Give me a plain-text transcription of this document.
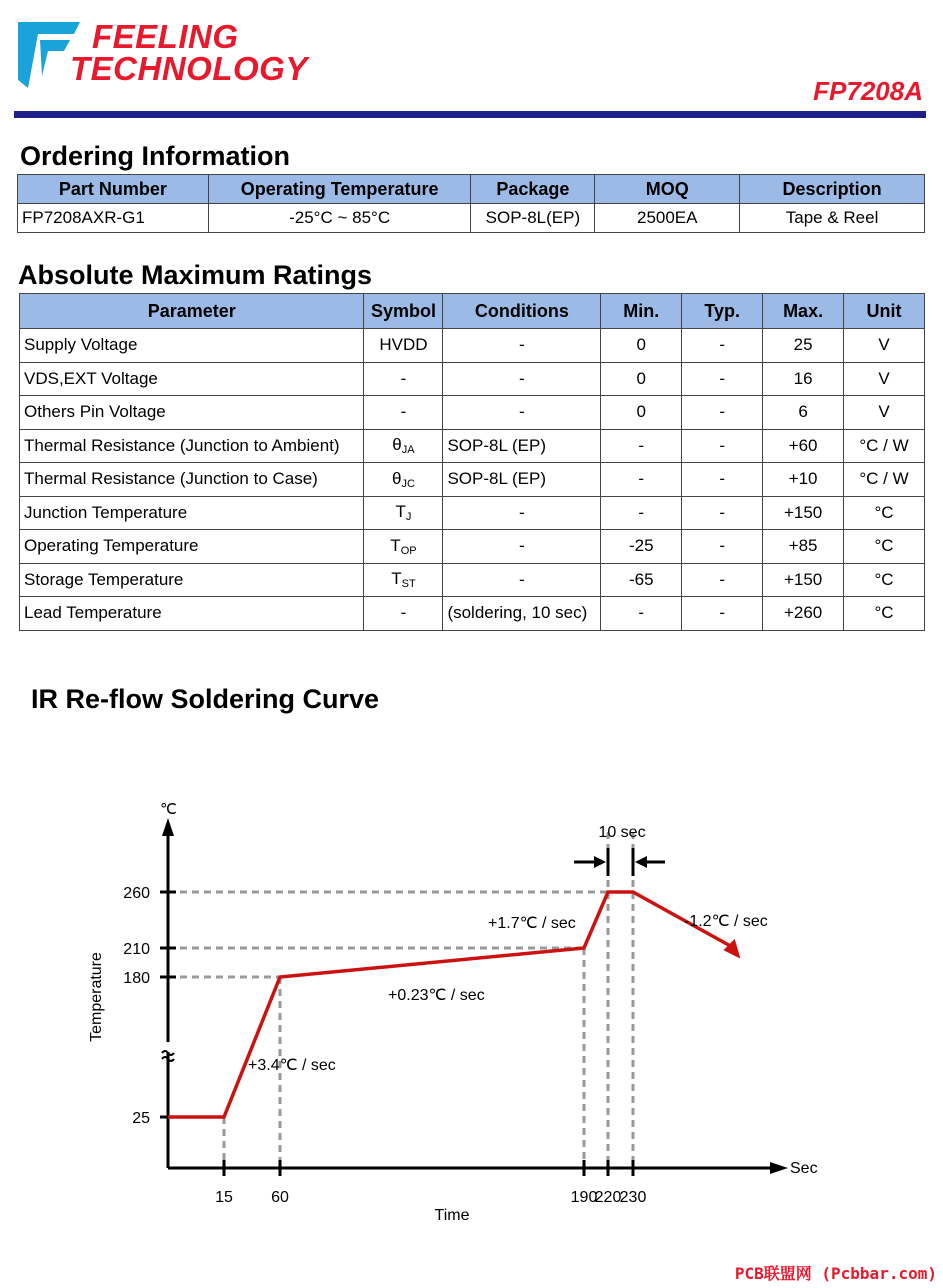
FEELING
TECHNOLOGY
FP7208A
Ordering Information
Part Number	Operating Temperature	Package	MOQ	Description
FP7208AXR-G1	-25°C ~ 85°C	SOP-8L(EP)	2500EA	Tape & Reel
Absolute Maximum Ratings
Parameter	Symbol	Conditions	Min.	Typ.	Max.	Unit
Supply Voltage	HVDD	-	0	-	25	V
VDS,EXT Voltage	-	-	0	-	16	V
Others Pin Voltage	-	-	0	-	6	V
Thermal Resistance (Junction to Ambient)	$\theta_{JA}$	SOP-8L (EP)	-	-	+60	°C / W
Thermal Resistance (Junction to Case)	$\theta_{JC}$	SOP-8L (EP)	-	-	+10	°C / W
Junction Temperature	$T_J$	-	-	-	+150	°C
Operating Temperature	$T_{OP}$	-	-25	-	+85	°C
Storage Temperature	$T_{ST}$	-	-65	-	+150	°C
Lead Temperature	-	(soldering, 10 sec)	-	-	+260	°C
IR Re-flow Soldering Curve
℃
Sec
25
180
210
260
15 60	190
220
230
Time
Temperature
10 sec
+3.4℃ / sec
+0.23℃ / sec
+1.7℃ / sec	-1.2℃ / sec
PCB联盟网 (Pcbbar.com)
